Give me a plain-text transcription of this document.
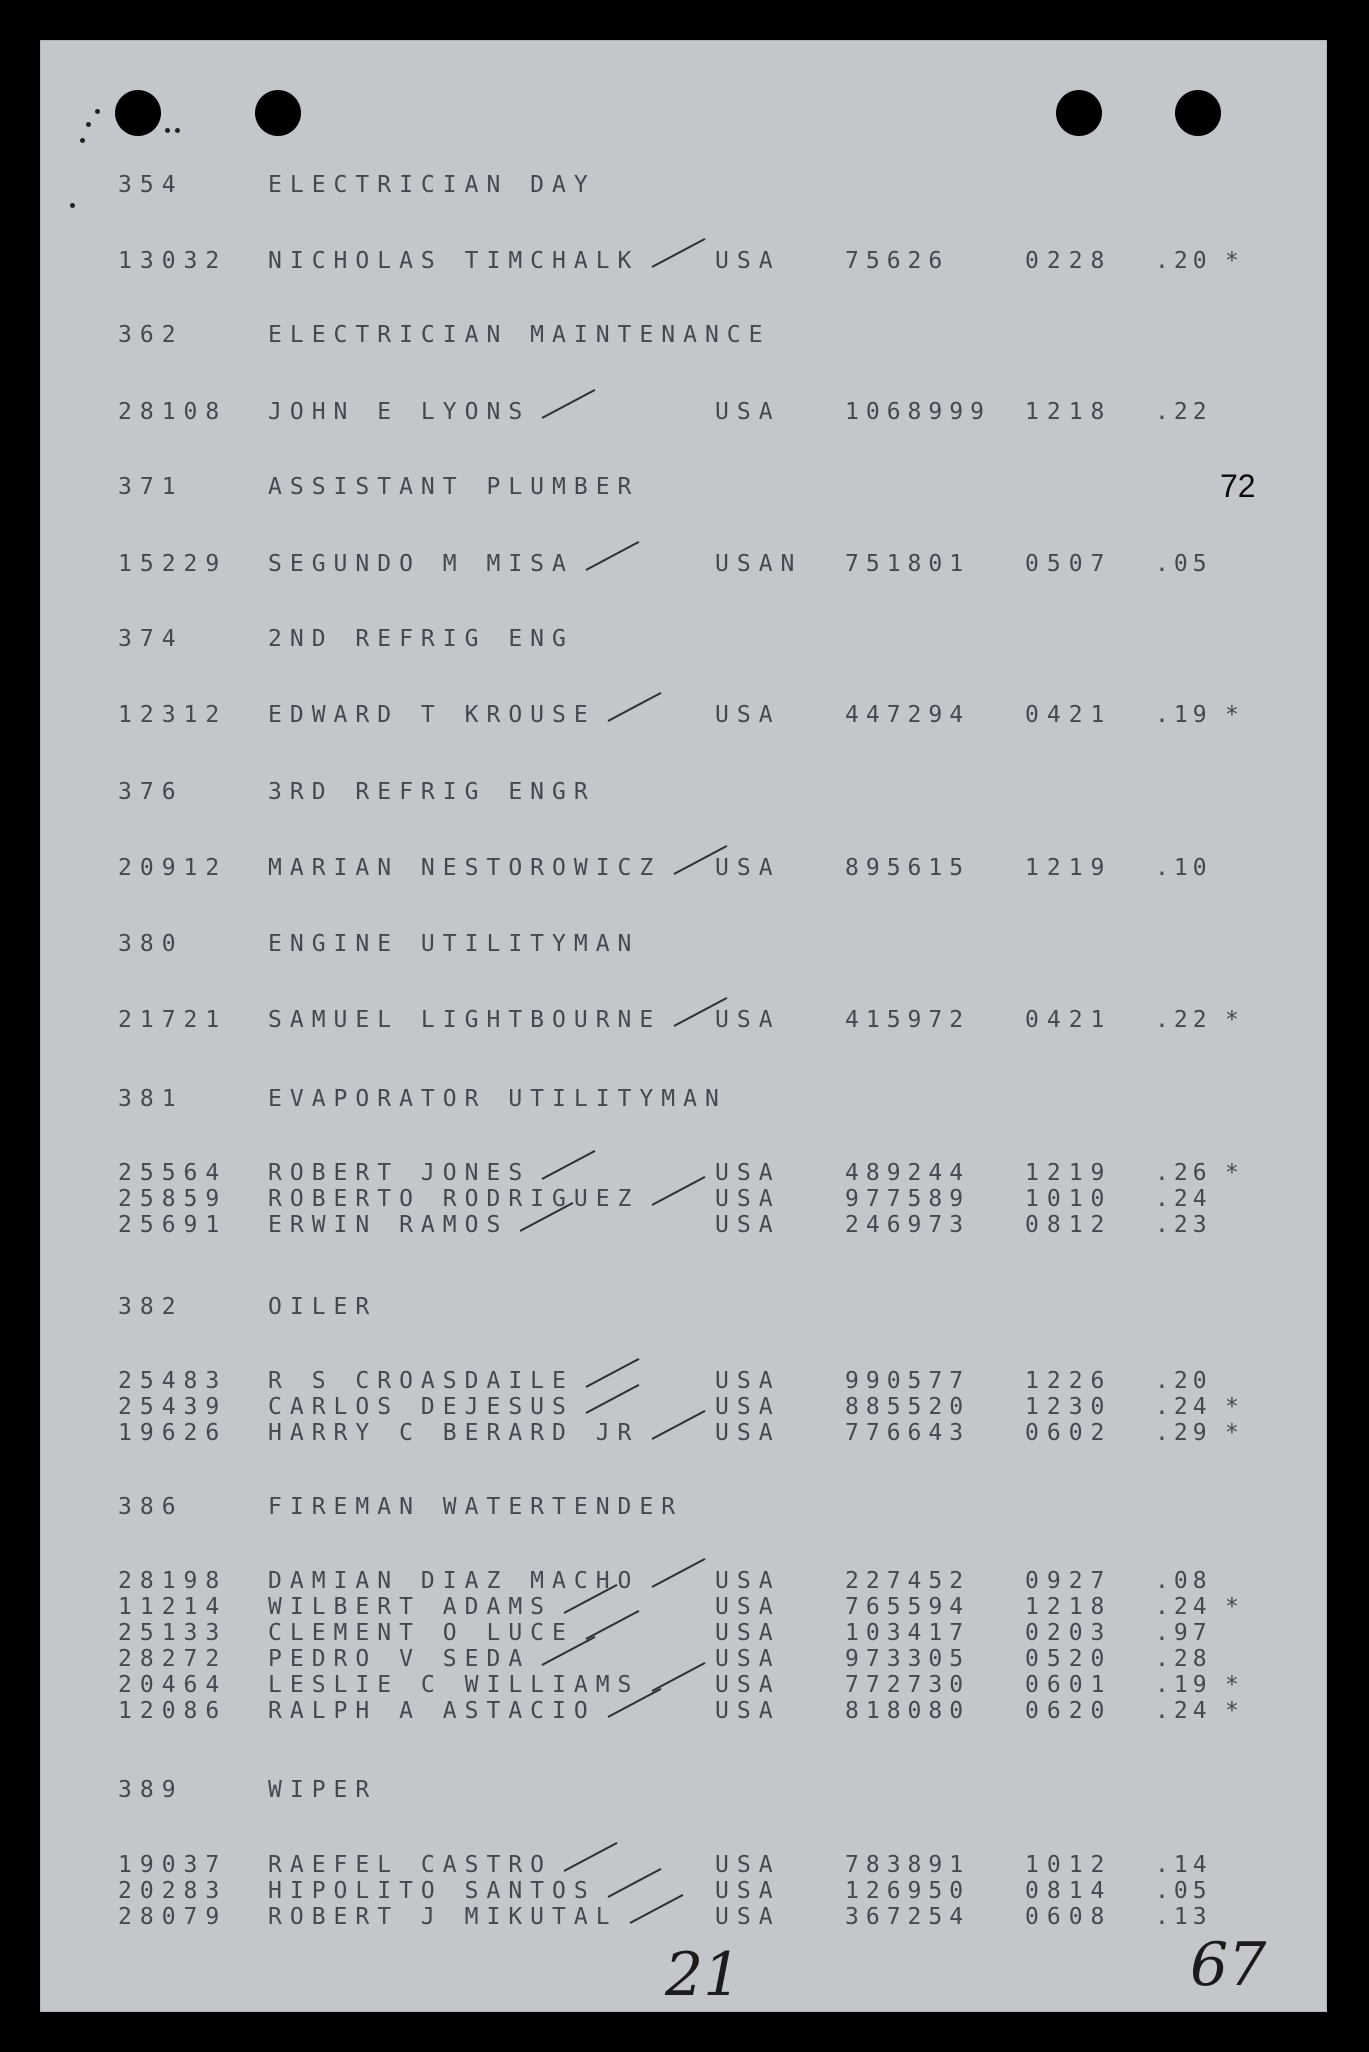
72
21	67
354	ELECTRICIAN DAY
13032 NICHOLAS TIMCHALK	USA	75626	0228 .20 *
362	ELECTRICIAN MAINTENANCE
28108 JOHN E LYONS	USA	1068999 1218 .22
371	ASSISTANT PLUMBER
15229 SEGUNDO M MISA	USAN 751801 0507 .05
374	2ND REFRIG ENG
12312 EDWARD T KROUSE	USA	447294 0421 .19 *
376	3RD REFRIG ENGR
20912 MARIAN NESTOROWICZ USA	895615 1219 .10
380	ENGINE UTILITYMAN
21721 SAMUEL LIGHTBOURNE USA	415972 0421 .22 *
381	EVAPORATOR UTILITYMAN
25564 ROBERT JONES	USA	489244 1219 .26 *
25859 ROBERTO RODRIGUEZ	USA	977589 1010 .24
25691 ERWIN RAMOS	USA	246973 0812 .23
382	OILER
25483 R S CROASDAILE	USA	990577 1226 .20
25439 CARLOS DEJESUS	USA	885520 1230 .24 *
19626 HARRY C BERARD JR	USA	776643 0602 .29 *
386	FIREMAN WATERTENDER
28198 DAMIAN DIAZ MACHO	USA	227452 0927 .08
11214 WILBERT ADAMS	USA	765594 1218 .24 *
25133 CLEMENT O LUCE	USA	103417 0203 .97
28272 PEDRO V SEDA	USA	973305 0520 .28
20464 LESLIE C WILLIAMS	USA	772730 0601 .19 *
12086 RALPH A ASTACIO	USA	818080 0620 .24 *
389	WIPER
19037 RAEFEL CASTRO	USA	783891 1012 .14
20283 HIPOLITO SANTOS	USA	126950 0814 .05
28079 ROBERT J MIKUTAL	USA	367254 0608 .13
